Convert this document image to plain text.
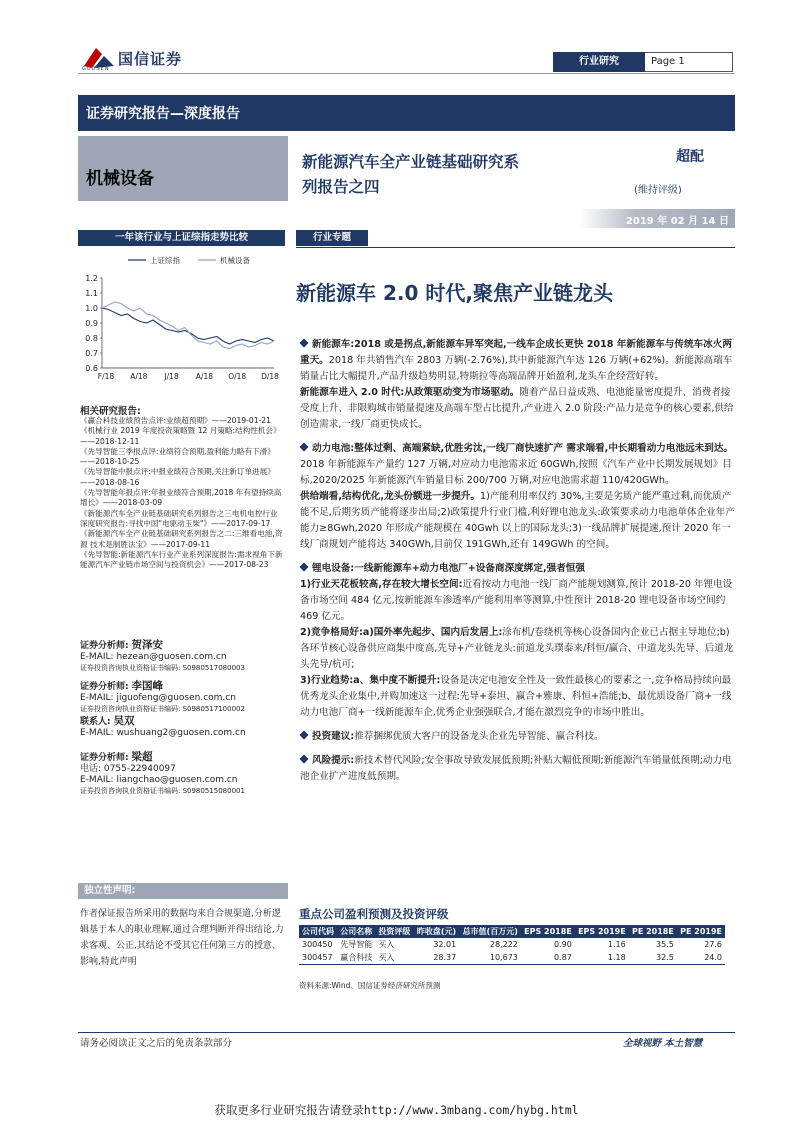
国信证券
GUOSEN
行业研究	Page 1
证券研究报告—深度报告
机械设备
新能源汽车全产业链基础研究系
列报告之四
超配
(维持评级)
2019 年 02 月 14 日
一年该行业与上证综指走势比较
1.2
1.1
1.0
0.9
0.8
0.7
0.6
F/18 A/18 J/18 A/18 O/18 D/18
上证综指	机械设备
相关研究报告:
《赢合科技业绩预告点评:业绩超预期》——2019-01-21
《机械行业 2019 年度投资策略暨 12 月策略:结构性机会》——2018-12-11
《先导智能三季报点评:业绩符合预期,盈利能力略有下滑》——2018-10-25
《先导智能中报点评:中报业绩符合预期,关注新订单进展》——2018-08-16
《先导智能年报点评:年报业绩符合预期,2018 年有望持续高增长》——2018-03-09
《新能源汽车全产业链基础研究系列报告之三电机电控行业深度研究报告:寻找中国"电驱动玉柴"》——2017-09-17
《新能源汽车全产业链基础研究系列报告之二:三维看电池,资源 技术是制胜法宝》——2017-09-11
《先导智能:新能源汽车行业产业系列深度报告:需求视角下新能源汽车产业链市场空间与投资机会》——2017-08-23
证券分析师: 贺泽安
E-MAIL: hezean@guosen.com.cn
证券投资咨询执业资格证书编码: S0980517080003
证券分析师: 李国峰
E-MAIL: jiguofeng@guosen.com.cn
证券投资咨询执业资格证书编码: S0980517100002
联系人: 吴双
E-MAIL: wushuang2@guosen.com.cn
证券分析师: 梁超
电话: 0755-22940097
E-MAIL: liangchao@guosen.com.cn
证券投资咨询执业资格证书编码: S0980515080001
独立性声明:
作者保证报告所采用的数据均来自合规渠道,分析逻辑基于本人的职业理解,通过合理判断并得出结论,力求客观、公正,其结论不受其它任何第三方的授意、影响,特此声明
行业专题
新能源车 2.0 时代,聚焦产业链龙头

新能源车:2018 或是拐点,新能源车异军突起,一线车企成长更快 2018 年新能源车与传统车冰火两重天。2018 年共销售汽车 2803 万辆(-2.76%),其中新能源汽车达 126 万辆(+62%)。新能源高端车销量占比大幅提升,产品升级趋势明显,特斯拉等高端品牌开始盈利,龙头车企经营好转。

新能源车进入 2.0 时代:从政策驱动变为市场驱动。随着产品日益成熟、电池能量密度提升、消费者接受度上升、非限购城市销量提速及高端车型占比提升,产业进入 2.0 阶段:产品力是竞争的核心要素,供给创造需求,一线厂商更快成长。

动力电池:整体过剩、高端紧缺,优胜劣汰,一线厂商快速扩产 需求端看,中长期看动力电池远未到达。2018 年新能源车产量约 127 万辆,对应动力电池需求近 60GWh,按照《汽车产业中长期发展规划》目标,2020/2025 年新能源汽车销量目标 200/700 万辆,对应电池需求超 110/420GWh。

供给端看,结构优化,龙头份额进一步提升。1)产能利用率仅约 30%,主要是劣质产能严重过剩,而优质产能不足,后期劣质产能将逐步出局;2)政策提升行业门槛,利好锂电池龙头:政策要求动力电池单体企业年产能力≥8Gwh,2020 年形成产能规模在 40Gwh 以上的国际龙头;3)一线品牌扩展提速,预计 2020 年一线厂商规划产能将达 340GWh,目前仅 191GWh,还有 149GWh 的空间。

锂电设备:一线新能源车+动力电池厂+设备商深度绑定,强者恒强

1)行业天花板较高,存在较大增长空间:近看按动力电池一线厂商产能规划测算,预计 2018-20 年锂电设备市场空间 484 亿元,按新能源车渗透率/产能利用率等测算,中性预计 2018-20 锂电设备市场空间约 469 亿元。

2)竞争格局好:a)国外率先起步、国内后发居上:涂布机/卷绕机等核心设备国内企业已占据主导地位;b)各环节核心设备供应商集中度高,先导+产业链龙头:前道龙头璞泰来/科恒/赢合、中道龙头先导、后道龙头先导/杭可;

3)行业趋势:a、集中度不断提升:设备是决定电池安全性及一致性最核心的要素之一,竞争格局持续向最优秀龙头企业集中,并购加速这一过程:先导+泰坦、赢合+雅康、科恒+浩能;b、最优质设备厂商+一线动力电池厂商+一线新能源车企,优秀企业强强联合,才能在激烈竞争的市场中胜出。

投资建议:推荐捆绑优质大客户的设备龙头企业先导智能、赢合科技。

风险提示:新技术替代风险;安全事故导致发展低预期;补贴大幅低预期;新能源汽车销量低预期;动力电池企业扩产进度低预期。

重点公司盈利预测及投资评级
公司代码	公司名称	投资评级	昨收盘(元)	总市值(百万元)	EPS 2018E	EPS 2019E	PE 2018E	PE 2019E
300450	先导智能	买入	32.01	28,222	0.90	1.16	35.5	27.6
300457	赢合科技	买入	28.37	10,673	0.87	1.18	32.5	24.0
资料来源:Wind、国信证券经济研究所预测
请务必阅读正文之后的免责条款部分	全球视野 本土智慧
获取更多行业研究报告请登录http://www.3mbang.com/hybg.html
